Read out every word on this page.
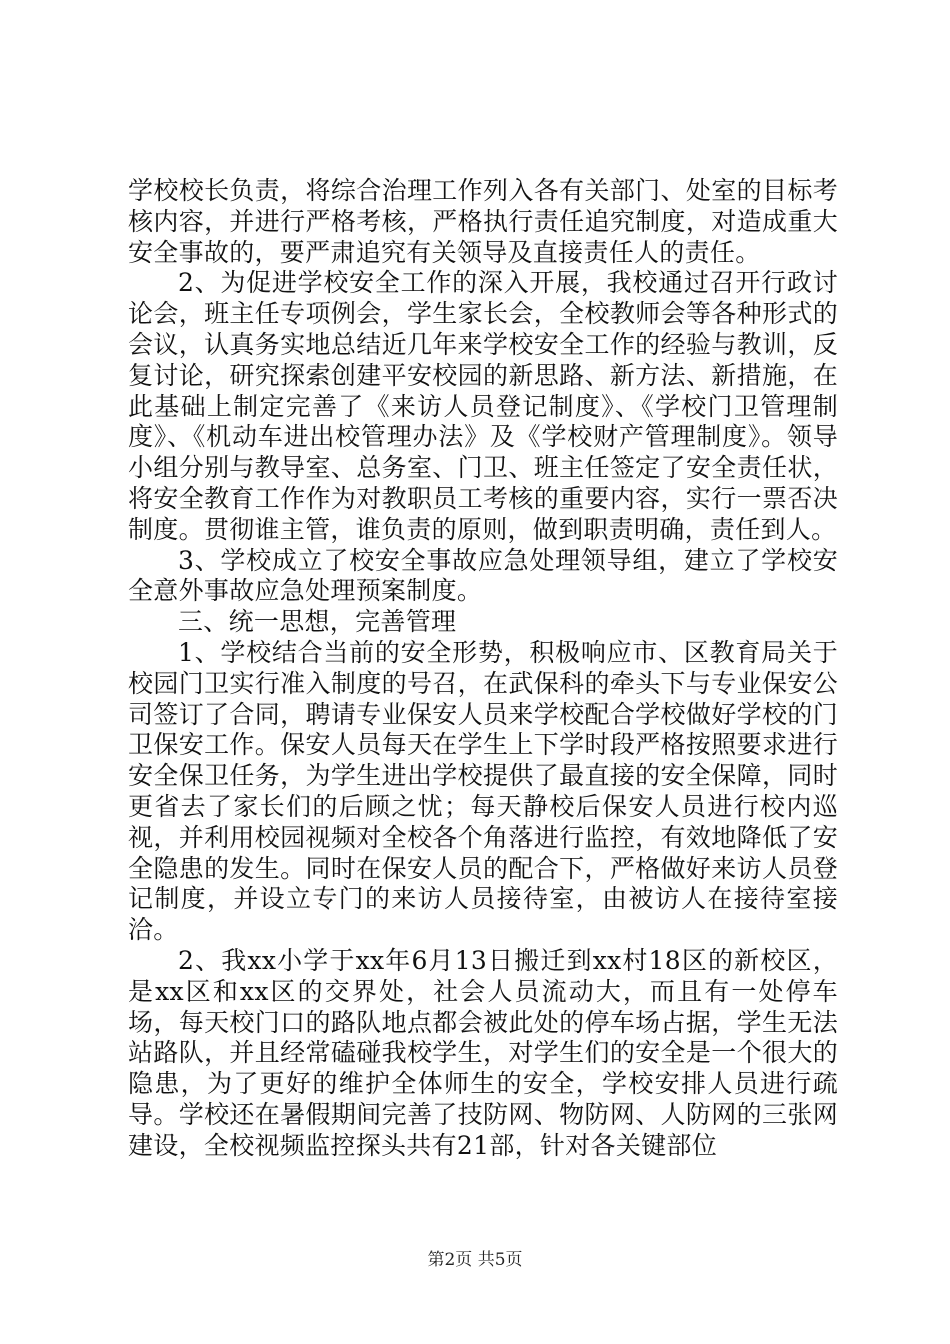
学校校长负责，将综合治理工作列入各有关部门、处室的目标考核内容，并进行严格考核，严格执行责任追究制度，对造成重大安全事故的，要严肃追究有关领导及直接责任人的责任。

2、为促进学校安全工作的深入开展，我校通过召开行政讨论会，班主任专项例会，学生家长会，全校教师会等各种形式的会议，认真务实地总结近几年来学校安全工作的经验与教训，反复讨论，研究探索创建平安校园的新思路、新方法、新措施，在此基础上制定完善了《来访人员登记制度》、《学校门卫管理制度》、《机动车进出校管理办法》及《学校财产管理制度》。领导小组分别与教导室、总务室、门卫、班主任签定了安全责任状，将安全教育工作作为对教职员工考核的重要内容，实行一票否决制度。贯彻谁主管，谁负责的原则，做到职责明确，责任到人。

3、学校成立了校安全事故应急处理领导组，建立了学校安全意外事故应急处理预案制度。

三、统一思想，完善管理

1、学校结合当前的安全形势，积极响应市、区教育局关于校园门卫实行准入制度的号召，在武保科的牵头下与专业保安公司签订了合同，聘请专业保安人员来学校配合学校做好学校的门卫保安工作。保安人员每天在学生上下学时段严格按照要求进行安全保卫任务，为学生进出学校提供了最直接的安全保障，同时更省去了家长们的后顾之忧；每天静校后保安人员进行校内巡视，并利用校园视频对全校各个角落进行监控，有效地降低了安全隐患的发生。同时在保安人员的配合下，严格做好来访人员登记制度，并设立专门的来访人员接待室，由被访人在接待室接洽。

2、我xx小学于xx年6月13日搬迁到xx村18区的新校区，是xx区和xx区的交界处，社会人员流动大，而且有一处停车场，每天校门口的路队地点都会被此处的停车场占据，学生无法站路队，并且经常磕碰我校学生，对学生们的安全是一个很大的隐患，为了更好的维护全体师生的安全，学校安排人员进行疏导。学校还在暑假期间完善了技防网、物防网、人防网的三张网建设，全校视频监控探头共有21部，针对各关键部位

第2页 共5页
